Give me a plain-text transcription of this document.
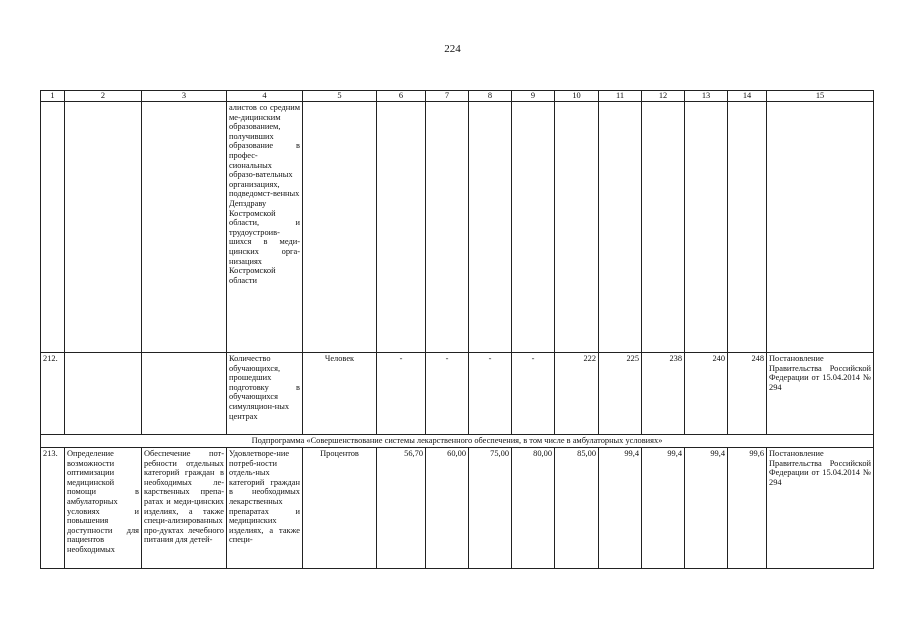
224
1	2	3	4	5	6	7	8	9	10	11	12	13	14	15
			алистов со средним ме-дицинским образованием, получивших образование в профес-сиональных образо-вательных организациях, подведомст-венных Депздраву Костромской области, и трудоустроив-шихся в меди-цинских орга-низациях Костромской области											
212.			Количество обучающихся, прошедших подготовку в обучающихся симуляцион-ных центрах	Человек	-	-	-	-	222	225	238	240	248	Постановление Правительства Российской Федерации от 15.04.2014 № 294
Подпрограмма «Совершенствование системы лекарственного обеспечения, в том числе в амбулаторных условиях»														
213.	Определение возможности оптимизации медицинской помощи в амбулаторных условиях и повышения доступности для пациентов необходимых	Обеспечение пот-ребности отдельных категорий граждан в необходимых ле-карственных препа-ратах и меди-цинских изделиях, а также специ-ализированных про-дуктах лечебного питания для детей-	Удовлетворе-ние потреб-ности отдель-ных категорий граждан в необходимых лекарственных препаратах и медицинских изделиях, а также специ-	Процентов	56,70	60,00	75,00	80,00	85,00	99,4	99,4	99,4	99,6	Постановление Правительства Российской Федерации от 15.04.2014 № 294
